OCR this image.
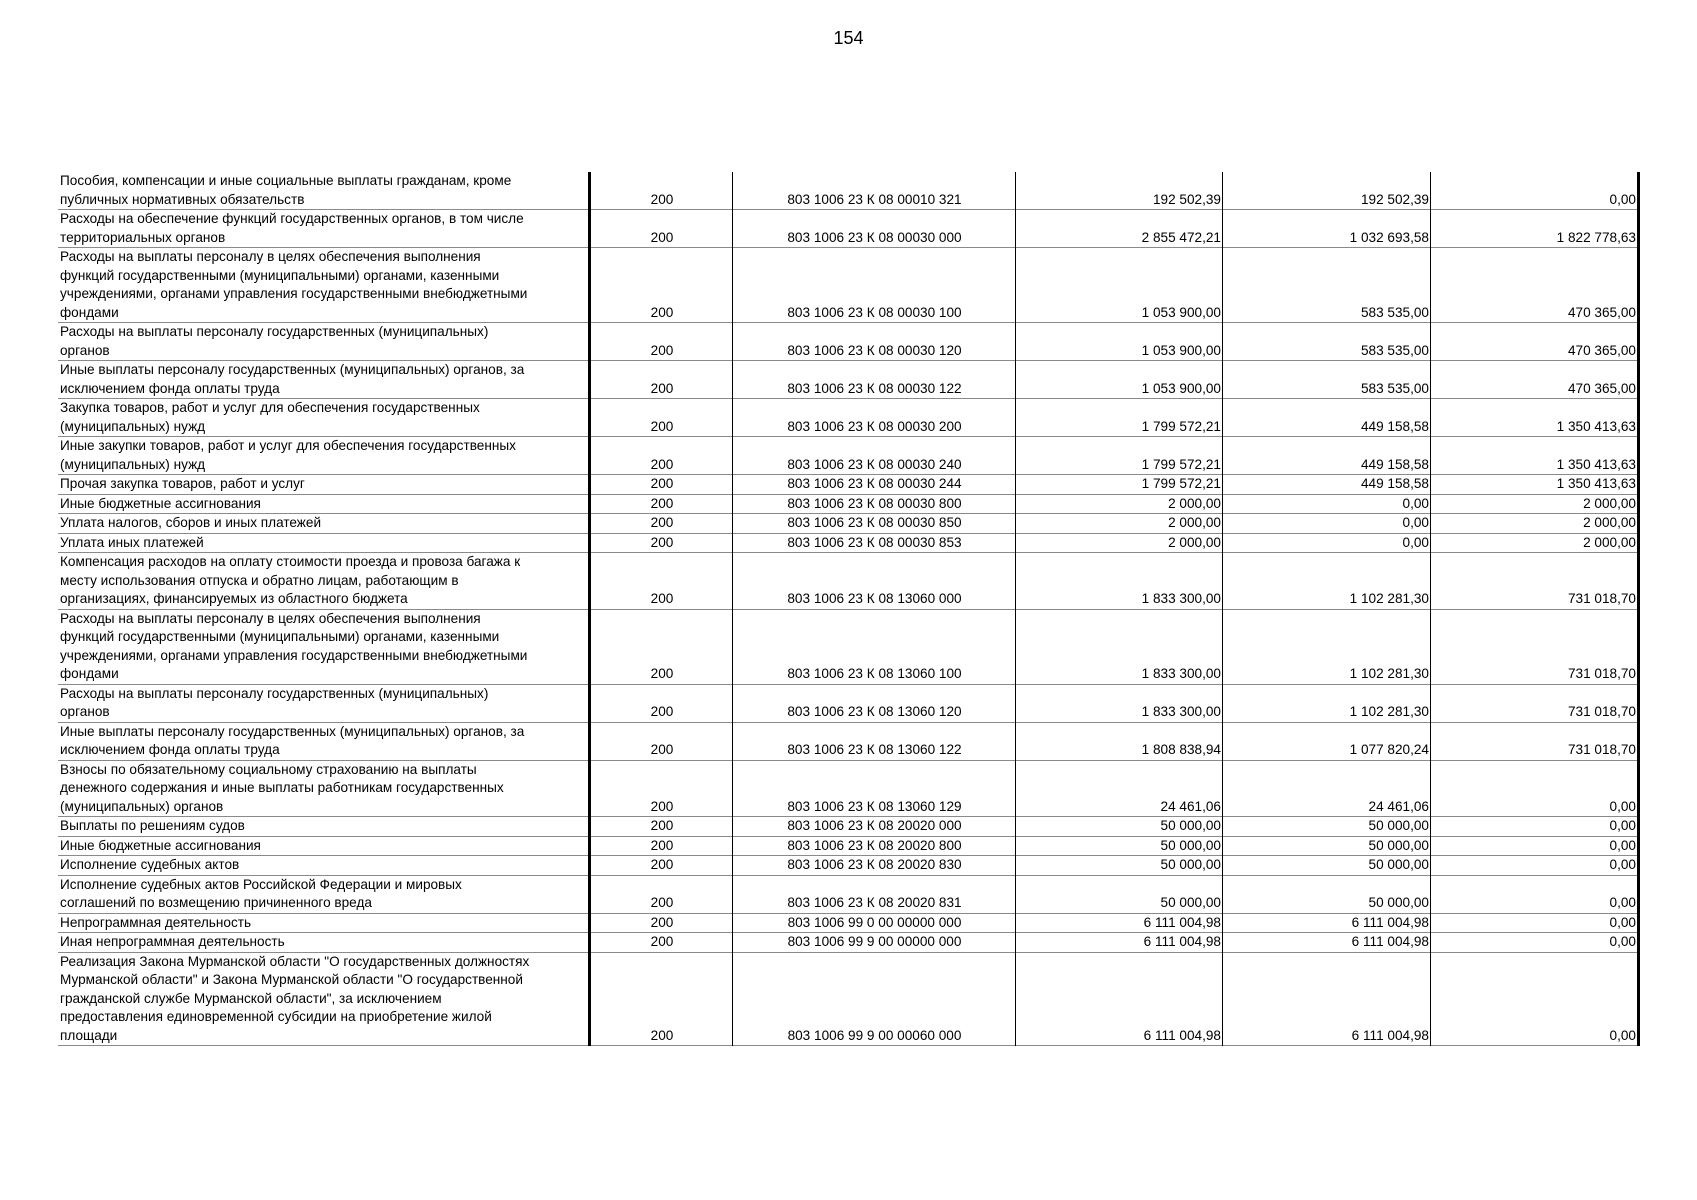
154
Пособия, компенсации и иные социальные выплаты гражданам, кроме
публичных нормативных обязательств	200	803 1006 23 К 08 00010 321	192 502,39	192 502,39	0,00
Расходы на обеспечение функций государственных органов, в том числе
территориальных органов	200	803 1006 23 К 08 00030 000	2 855 472,21	1 032 693,58	1 822 778,63
Расходы на выплаты персоналу в целях обеспечения выполнения
функций государственными (муниципальными) органами, казенными
учреждениями, органами управления государственными внебюджетными
фондами	200	803 1006 23 К 08 00030 100	1 053 900,00	583 535,00	470 365,00
Расходы на выплаты персоналу государственных (муниципальных)
органов	200	803 1006 23 К 08 00030 120	1 053 900,00	583 535,00	470 365,00
Иные выплаты персоналу государственных (муниципальных) органов, за
исключением фонда оплаты труда	200	803 1006 23 К 08 00030 122	1 053 900,00	583 535,00	470 365,00
Закупка товаров, работ и услуг для обеспечения государственных
(муниципальных) нужд	200	803 1006 23 К 08 00030 200	1 799 572,21	449 158,58	1 350 413,63
Иные закупки товаров, работ и услуг для обеспечения государственных
(муниципальных) нужд	200	803 1006 23 К 08 00030 240	1 799 572,21	449 158,58	1 350 413,63
Прочая закупка товаров, работ и услуг	200	803 1006 23 К 08 00030 244	1 799 572,21	449 158,58	1 350 413,63
Иные бюджетные ассигнования	200	803 1006 23 К 08 00030 800	2 000,00	0,00	2 000,00
Уплата налогов, сборов и иных платежей	200	803 1006 23 К 08 00030 850	2 000,00	0,00	2 000,00
Уплата иных платежей	200	803 1006 23 К 08 00030 853	2 000,00	0,00	2 000,00
Компенсация расходов на оплату стоимости проезда и провоза багажа к
месту использования отпуска и обратно лицам, работающим в
организациях, финансируемых из областного бюджета	200	803 1006 23 К 08 13060 000	1 833 300,00	1 102 281,30	731 018,70
Расходы на выплаты персоналу в целях обеспечения выполнения
функций государственными (муниципальными) органами, казенными
учреждениями, органами управления государственными внебюджетными
фондами	200	803 1006 23 К 08 13060 100	1 833 300,00	1 102 281,30	731 018,70
Расходы на выплаты персоналу государственных (муниципальных)
органов	200	803 1006 23 К 08 13060 120	1 833 300,00	1 102 281,30	731 018,70
Иные выплаты персоналу государственных (муниципальных) органов, за
исключением фонда оплаты труда	200	803 1006 23 К 08 13060 122	1 808 838,94	1 077 820,24	731 018,70
Взносы по обязательному социальному страхованию на выплаты
денежного содержания и иные выплаты работникам государственных
(муниципальных) органов	200	803 1006 23 К 08 13060 129	24 461,06	24 461,06	0,00
Выплаты по решениям судов	200	803 1006 23 К 08 20020 000	50 000,00	50 000,00	0,00
Иные бюджетные ассигнования	200	803 1006 23 К 08 20020 800	50 000,00	50 000,00	0,00
Исполнение судебных актов	200	803 1006 23 К 08 20020 830	50 000,00	50 000,00	0,00
Исполнение судебных актов Российской Федерации и мировых
соглашений по возмещению причиненного вреда	200	803 1006 23 К 08 20020 831	50 000,00	50 000,00	0,00
Непрограммная деятельность	200	803 1006 99 0 00 00000 000	6 111 004,98	6 111 004,98	0,00
Иная непрограммная деятельность	200	803 1006 99 9 00 00000 000	6 111 004,98	6 111 004,98	0,00
Реализация Закона Мурманской области "О государственных должностях
Мурманской области" и Закона Мурманской области "О государственной
гражданской службе Мурманской области", за исключением
предоставления единовременной субсидии на приобретение жилой
площади	200	803 1006 99 9 00 00060 000	6 111 004,98	6 111 004,98	0,00
